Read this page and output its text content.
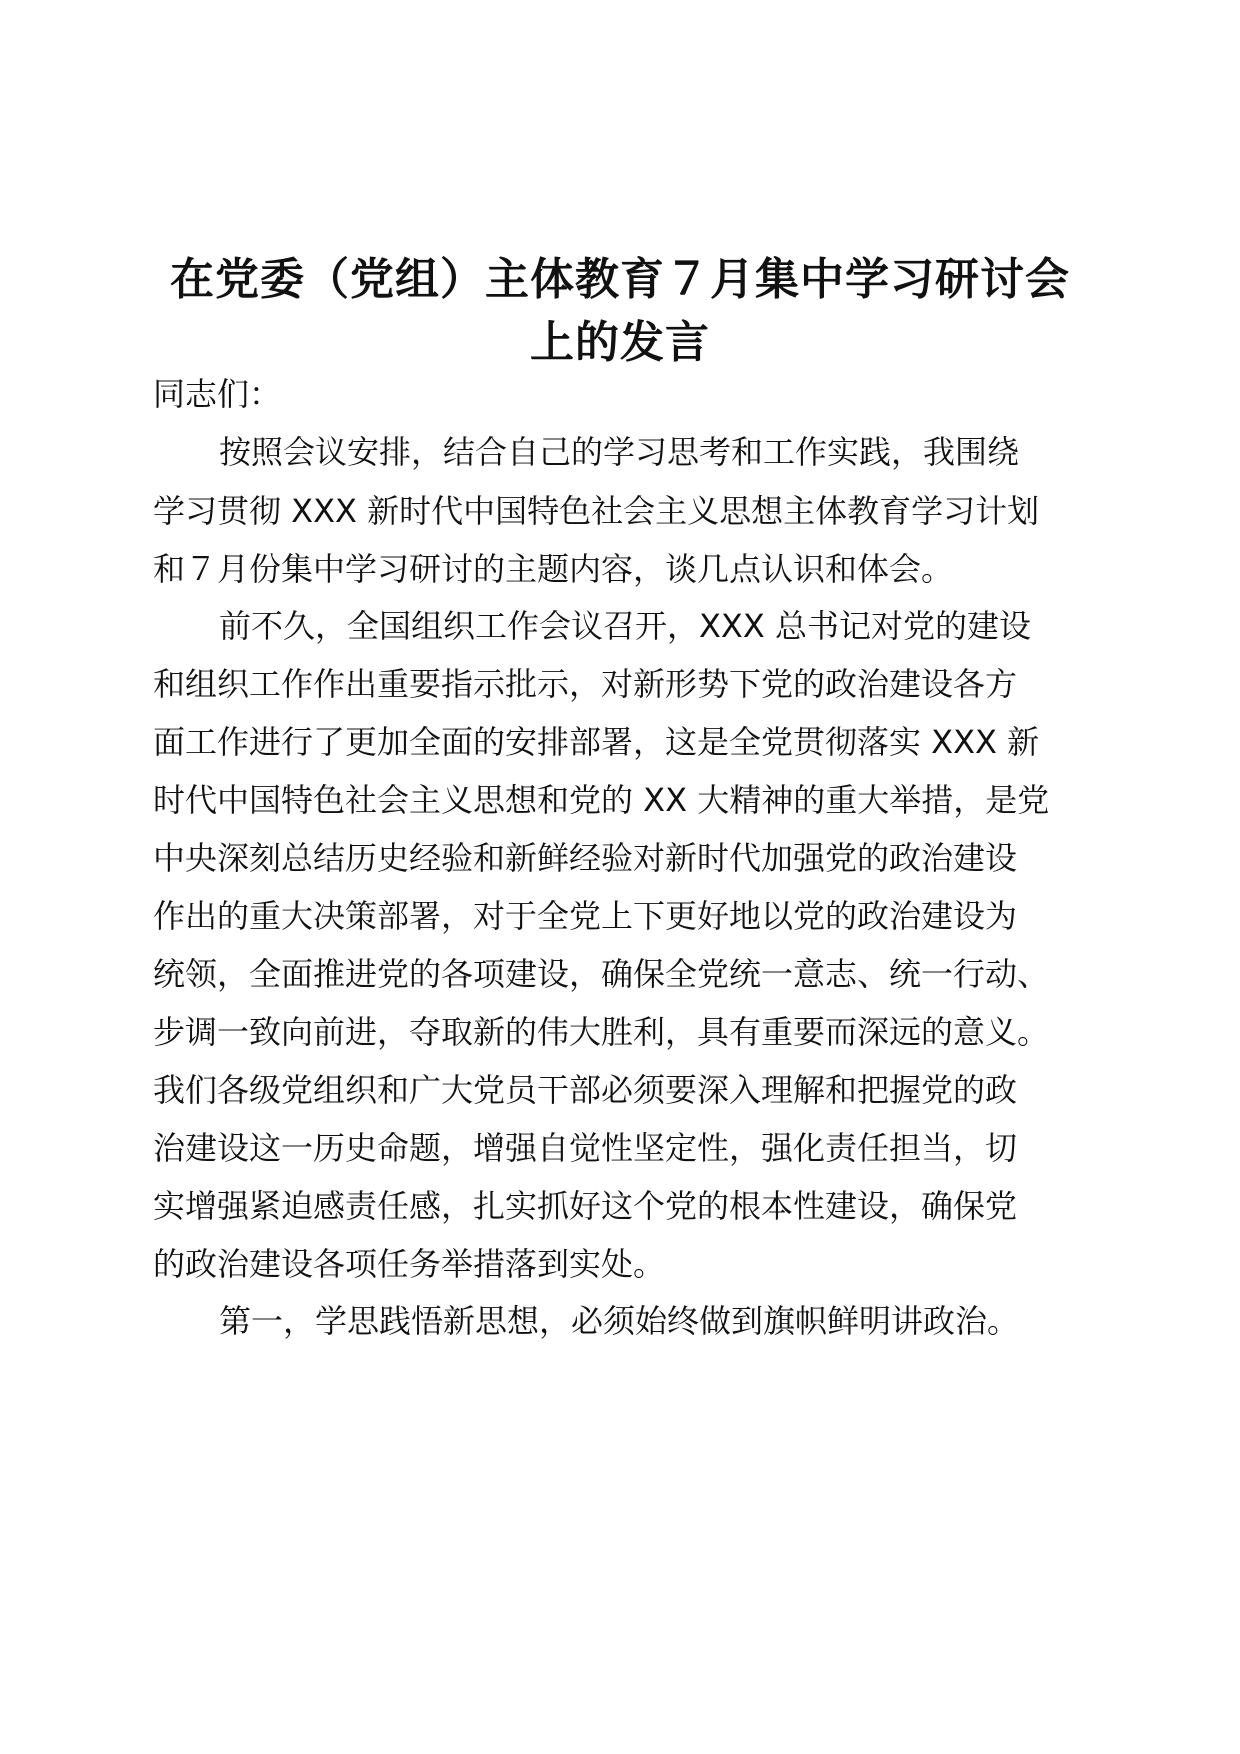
在党委（党组）主体教育７月集中学习研讨会
上的发言
同志们：
按照会议安排，结合自己的学习思考和工作实践，我围绕
学习贯彻 XXX 新时代中国特色社会主义思想主体教育学习计划
和７月份集中学习研讨的主题内容，谈几点认识和体会。
前不久，全国组织工作会议召开，XXX 总书记对党的建设
和组织工作作出重要指示批示，对新形势下党的政治建设各方
面工作进行了更加全面的安排部署，这是全党贯彻落实 XXX 新
时代中国特色社会主义思想和党的 XX 大精神的重大举措，是党
中央深刻总结历史经验和新鲜经验对新时代加强党的政治建设
作出的重大决策部署，对于全党上下更好地以党的政治建设为
统领，全面推进党的各项建设，确保全党统一意志、统一行动、
步调一致向前进，夺取新的伟大胜利，具有重要而深远的意义。
我们各级党组织和广大党员干部必须要深入理解和把握党的政
治建设这一历史命题，增强自觉性坚定性，强化责任担当，切
实增强紧迫感责任感，扎实抓好这个党的根本性建设，确保党
的政治建设各项任务举措落到实处。
第一，学思践悟新思想，必须始终做到旗帜鲜明讲政治。
